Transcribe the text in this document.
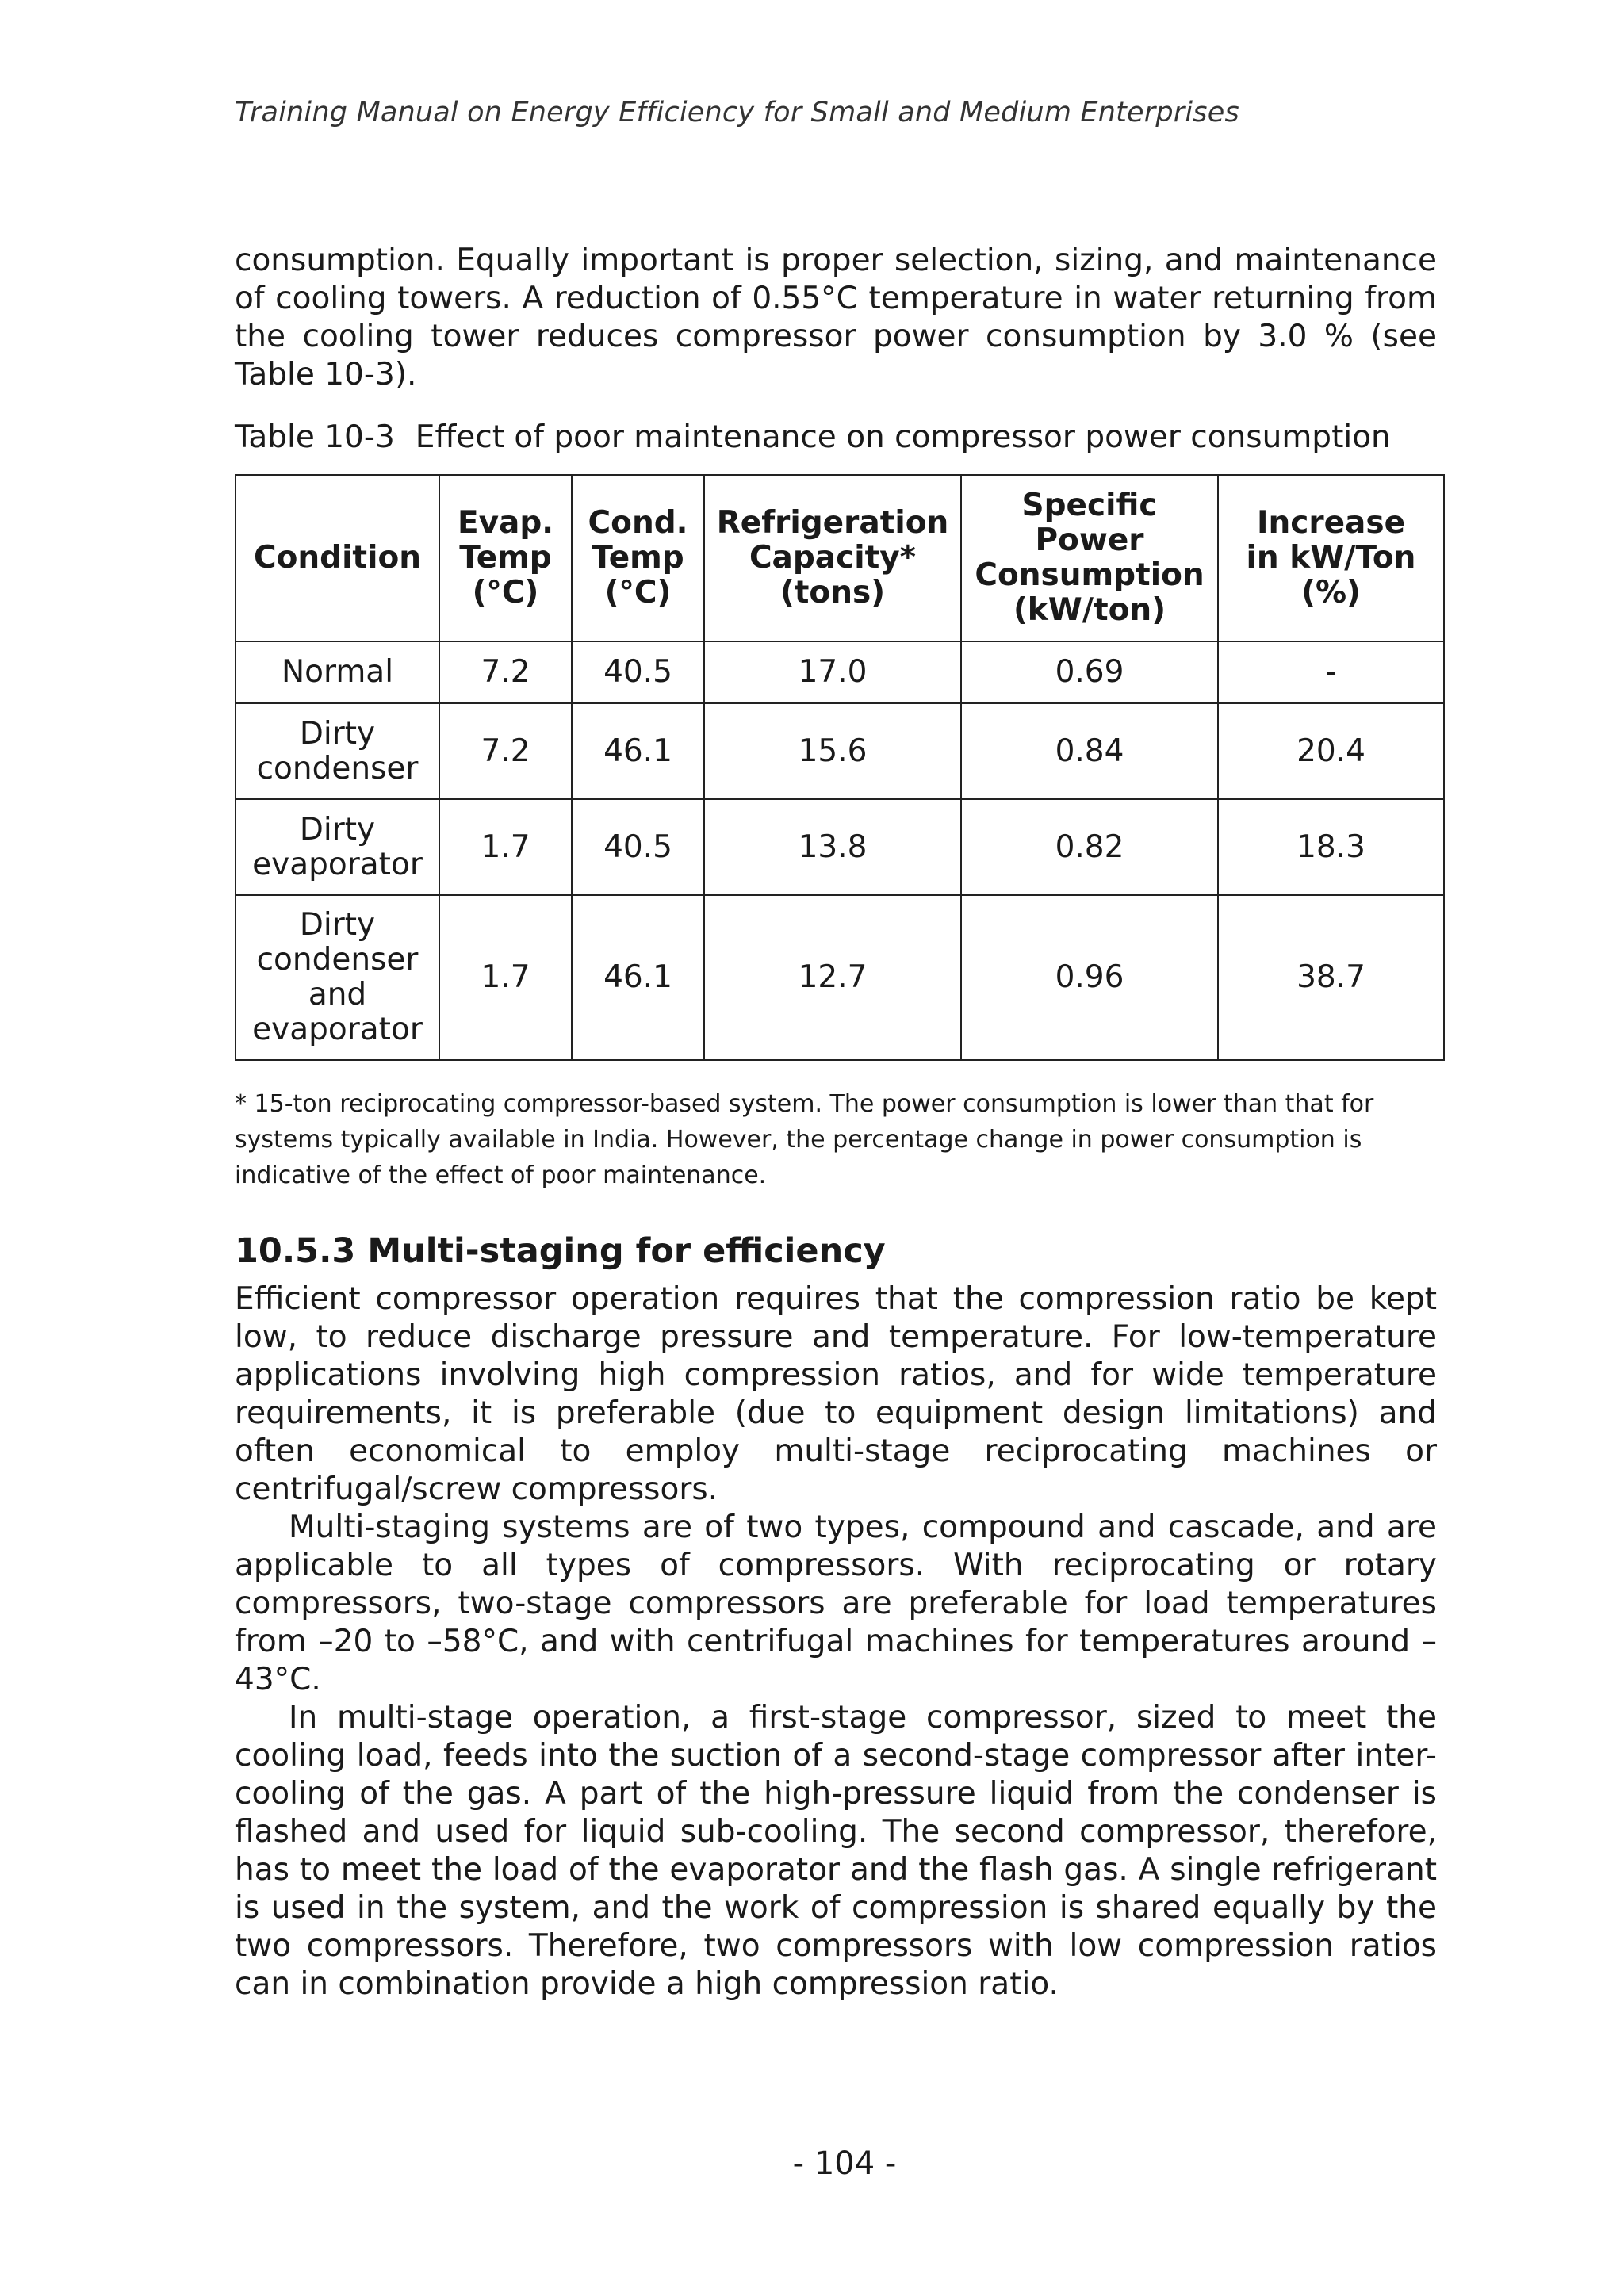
Training Manual on Energy Efficiency for Small and Medium Enterprises

consumption. Equally important is proper selection, sizing, and maintenance of cooling towers. A reduction of 0.55°C temperature in water returning from the cooling tower reduces compressor power consumption by 3.0 % (see Table 10-3).

Table 10-3 Effect of poor maintenance on compressor power consumption
Condition	Evap.
Temp
(°C)	Cond.
Temp
(°C)	Refrigeration
Capacity*
(tons)	Specific
Power
Consumption
(kW/ton)	Increase
in kW/Ton
(%)
Normal	7.2	40.5	17.0	0.69	-
Dirty
condenser	7.2	46.1	15.6	0.84	20.4
Dirty
evaporator	1.7	40.5	13.8	0.82	18.3
Dirty
condenser
and
evaporator	1.7	46.1	12.7	0.96	38.7

* 15-ton reciprocating compressor-based system. The power consumption is lower than that for systems typically available in India. However, the percentage change in power consumption is indicative of the effect of poor maintenance.

10.5.3 Multi-staging for efficiency

Efficient compressor operation requires that the compression ratio be kept low, to reduce discharge pressure and temperature. For low-temperature applications involving high compression ratios, and for wide temperature requirements, it is preferable (due to equipment design limitations) and often economical to employ multi-stage reciprocating machines or centrifugal/screw compressors.

Multi-staging systems are of two types, compound and cascade, and are applicable to all types of compressors. With reciprocating or rotary compressors, two-stage compressors are preferable for load temperatures from –20 to –58°C, and with centrifugal machines for temperatures around –43°C.

In multi-stage operation, a first-stage compressor, sized to meet the cooling load, feeds into the suction of a second-stage compressor after inter-cooling of the gas. A part of the high-pressure liquid from the condenser is flashed and used for liquid sub-cooling. The second compressor, therefore, has to meet the load of the evaporator and the flash gas. A single refrigerant is used in the system, and the work of compression is shared equally by the two compressors. Therefore, two compressors with low compression ratios can in combination provide a high compression ratio.

- 104 -
